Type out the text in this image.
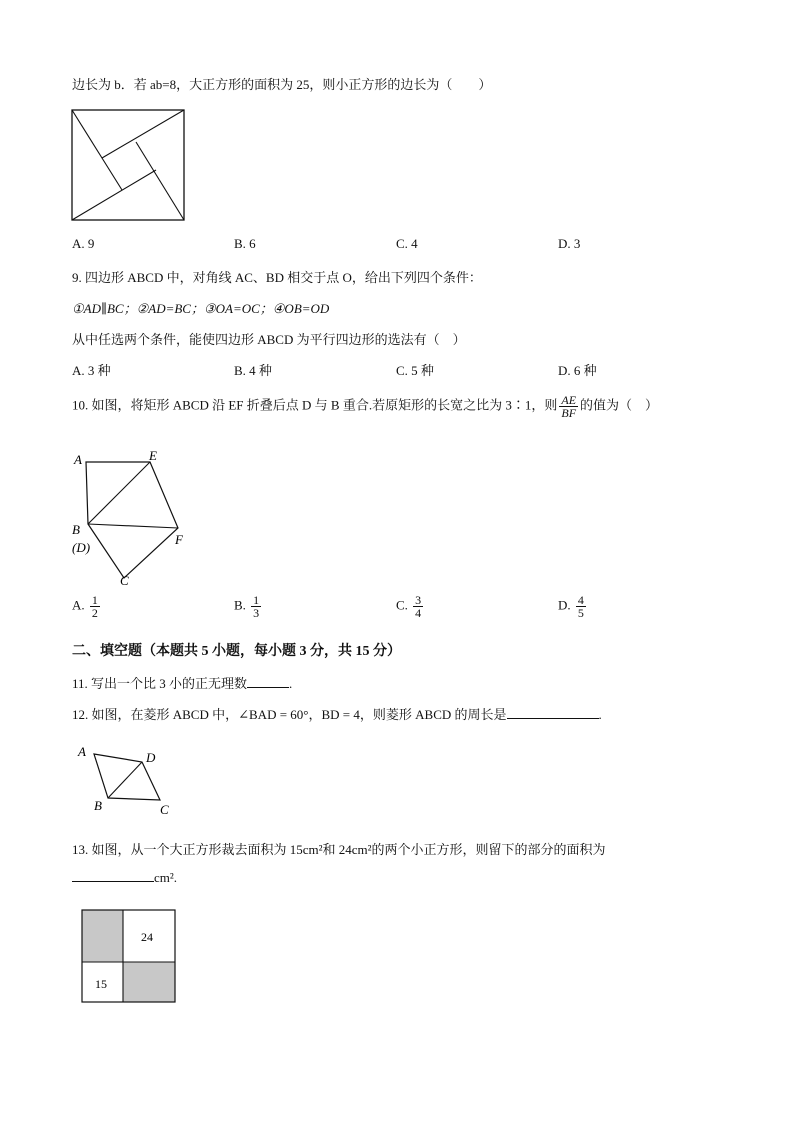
边长为 b．若 ab=8，大正方形的面积为 25，则小正方形的边长为（　　）
A. 9	B. 6	C. 4	D. 3
9. 四边形 ABCD 中，对角线 AC、BD 相交于点 O，给出下列四个条件：
①AD∥BC；②AD=BC；③OA=OC；④OB=OD
从中任选两个条件，能使四边形 ABCD 为平行四边形的选法有（　）
A. 3 种	B. 4 种	C. 5 种	D. 6 种
10. 如图，将矩形 ABCD 沿 EF 折叠后点 D 与 B 重合.若原矩形的长宽之比为 3∶1，则 $\frac{AE}{BF}$ 的值为（　）
A	E
B
(D)
F
C
A. $\frac{1}{2}$	B. $\frac{1}{3}$	C. $\frac{3}{4}$	D. $\frac{4}{5}$
二、填空题（本题共 5 小题，每小题 3 分，共 15 分）
11. 写出一个比 3 小的正无理数	.
12. 如图，在菱形 ABCD 中，∠BAD = 60°，BD = 4，则菱形 ABCD 的周长是	.
A	D
B	C
13. 如图，从一个大正方形裁去面积为 15cm²和 24cm²的两个小正方形，则留下的部分的面积为
cm².
24
15
